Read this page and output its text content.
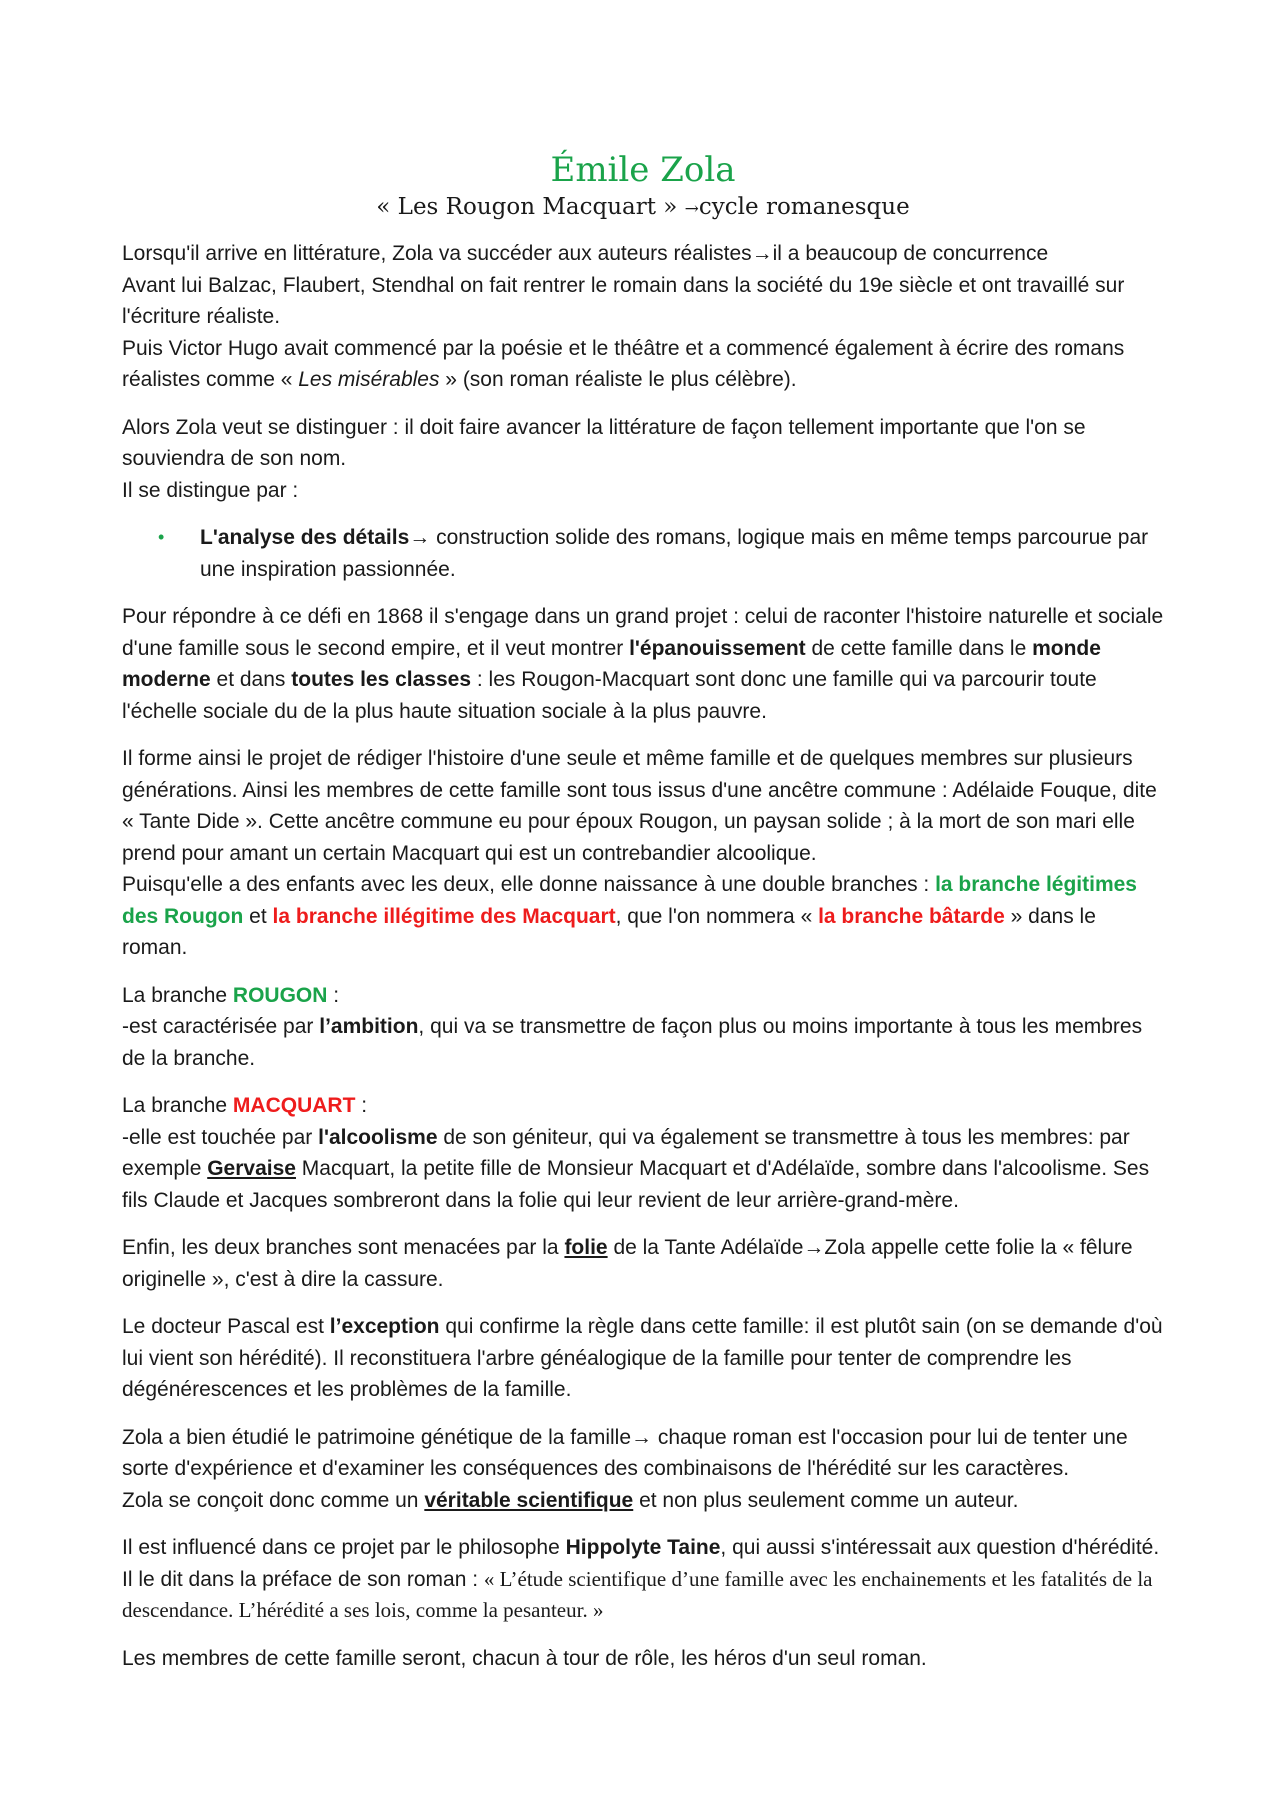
Émile Zola
« Les Rougon Macquart » →cycle romanesque

Lorsqu'il arrive en littérature, Zola va succéder aux auteurs réalistes→il a beaucoup de concurrence
Avant lui Balzac, Flaubert, Stendhal on fait rentrer le romain dans la société du 19e siècle et ont travaillé sur l'écriture réaliste.
Puis Victor Hugo avait commencé par la poésie et le théâtre et a commencé également à écrire des romans réalistes comme « Les misérables » (son roman réaliste le plus célèbre).

Alors Zola veut se distinguer : il doit faire avancer la littérature de façon tellement importante que l'on se souviendra de son nom.
Il se distingue par :

• L'analyse des détails→ construction solide des romans, logique mais en même temps parcourue par une inspiration passionnée.

Pour répondre à ce défi en 1868 il s'engage dans un grand projet : celui de raconter l'histoire naturelle et sociale d'une famille sous le second empire, et il veut montrer l'épanouissement de cette famille dans le monde moderne et dans toutes les classes : les Rougon-Macquart sont donc une famille qui va parcourir toute l'échelle sociale du de la plus haute situation sociale à la plus pauvre.

Il forme ainsi le projet de rédiger l'histoire d'une seule et même famille et de quelques membres sur plusieurs générations. Ainsi les membres de cette famille sont tous issus d'une ancêtre commune : Adélaide Fouque, dite « Tante Dide ». Cette ancêtre commune eu pour époux Rougon, un paysan solide ; à la mort de son mari elle prend pour amant un certain Macquart qui est un contrebandier alcoolique.
Puisqu'elle a des enfants avec les deux, elle donne naissance à une double branches : la branche légitimes des Rougon et la branche illégitime des Macquart, que l'on nommera « la branche bâtarde » dans le roman.

La branche ROUGON :
-est caractérisée par l’ambition, qui va se transmettre de façon plus ou moins importante à tous les membres de la branche.

La branche MACQUART :
-elle est touchée par l'alcoolisme de son géniteur, qui va également se transmettre à tous les membres: par exemple Gervaise Macquart, la petite fille de Monsieur Macquart et d'Adélaïde, sombre dans l'alcoolisme. Ses fils Claude et Jacques sombreront dans la folie qui leur revient de leur arrière-grand-mère.

Enfin, les deux branches sont menacées par la folie de la Tante Adélaïde→Zola appelle cette folie la « fêlure originelle », c'est à dire la cassure.

Le docteur Pascal est l’exception qui confirme la règle dans cette famille: il est plutôt sain (on se demande d'où lui vient son hérédité). Il reconstituera l'arbre généalogique de la famille pour tenter de comprendre les dégénérescences et les problèmes de la famille.

Zola a bien étudié le patrimoine génétique de la famille→ chaque roman est l'occasion pour lui de tenter une sorte d'expérience et d'examiner les conséquences des combinaisons de l'hérédité sur les caractères.
Zola se conçoit donc comme un véritable scientifique et non plus seulement comme un auteur.

Il est influencé dans ce projet par le philosophe Hippolyte Taine, qui aussi s'intéressait aux question d'hérédité. Il le dit dans la préface de son roman : « L’étude scientifique d’une famille avec les enchainements et les fatalités de la descendance. L’hérédité a ses lois, comme la pesanteur. »

Les membres de cette famille seront, chacun à tour de rôle, les héros d'un seul roman.
